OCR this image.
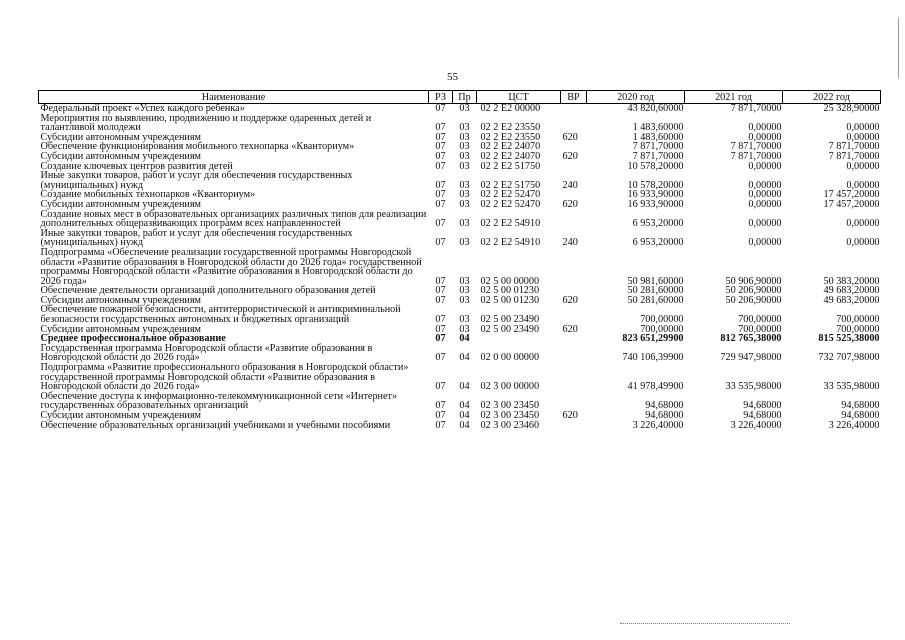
55
Наименование	РЗ	Пр	ЦСТ	ВР	2020 год	2021 год	2022 год
Федеральный проект «Успех каждого ребенка»	07	03	02 2 E2 00000		43 820,60000	7 871,70000	25 328,90000
Мероприятия по выявлению, продвижению и поддержке одаренных детей и талантливой молодежи	07	03	02 2 E2 23550		1 483,60000	0,00000	0,00000
Субсидии автономным учреждениям	07	03	02 2 E2 23550	620	1 483,60000	0,00000	0,00000
Обеспечение функционирования мобильного технопарка «Кванториум»	07	03	02 2 E2 24070		7 871,70000	7 871,70000	7 871,70000
Субсидии автономным учреждениям	07	03	02 2 E2 24070	620	7 871,70000	7 871,70000	7 871,70000
Создание ключевых центров развития детей	07	03	02 2 E2 51750		10 578,20000	0,00000	0,00000
Иные закупки товаров, работ и услуг для обеспечения государственных (муниципальных) нужд	07	03	02 2 E2 51750	240	10 578,20000	0,00000	0,00000
Создание мобильных технопарков «Кванториум»	07	03	02 2 E2 52470		16 933,90000	0,00000	17 457,20000
Субсидии автономным учреждениям	07	03	02 2 E2 52470	620	16 933,90000	0,00000	17 457,20000
Создание новых мест в образовательных организациях различных типов для реализации дополнительных общеразвивающих программ всех направленностей	07	03	02 2 E2 54910		6 953,20000	0,00000	0,00000
Иные закупки товаров, работ и услуг для обеспечения государственных (муниципальных) нужд	07	03	02 2 E2 54910	240	6 953,20000	0,00000	0,00000
Подпрограмма «Обеспечение реализации государственной программы Новгородской области «Развитие образования в Новгородской области до 2026 года» государственной программы Новгородской области «Развитие образования в Новгородской области до 2026 года»	07	03	02 5 00 00000		50 981,60000	50 906,90000	50 383,20000
Обеспечение деятельности организаций дополнительного образования детей	07	03	02 5 00 01230		50 281,60000	50 206,90000	49 683,20000
Субсидии автономным учреждениям	07	03	02 5 00 01230	620	50 281,60000	50 206,90000	49 683,20000
Обеспечение пожарной безопасности, антитеррористической и антикриминальной безопасности государственных автономных и бюджетных организаций	07	03	02 5 00 23490		700,00000	700,00000	700,00000
Субсидии автономным учреждениям	07	03	02 5 00 23490	620	700,00000	700,00000	700,00000
Среднее профессиональное образование	07	04			823 651,29900	812 765,38000	815 525,38000
Государственная программа Новгородской области «Развитие образования в Новгородской области до 2026 года»	07	04	02 0 00 00000		740 106,39900	729 947,98000	732 707,98000
Подпрограмма «Развитие профессионального образования в Новгородской области» государственной программы Новгородской области «Развитие образования в Новгородской области до 2026 года»	07	04	02 3 00 00000		41 978,49900	33 535,98000	33 535,98000
Обеспечение доступа к информационно-телекоммуникационной сети «Интернет» государственных образовательных организаций	07	04	02 3 00 23450		94,68000	94,68000	94,68000
Субсидии автономным учреждениям	07	04	02 3 00 23450	620	94,68000	94,68000	94,68000
Обеспечение образовательных организаций учебниками и учебными пособиями	07	04	02 3 00 23460		3 226,40000	3 226,40000	3 226,40000
